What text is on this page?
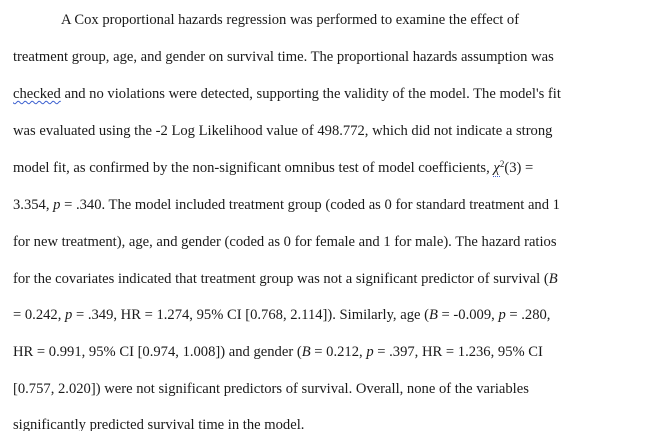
A Cox proportional hazards regression was performed to examine the effect of
treatment group, age, and gender on survival time. The proportional hazards assumption was
checked and no violations were detected, supporting the validity of the model. The model's fit
was evaluated using the -2 Log Likelihood value of 498.772, which did not indicate a strong
model fit, as confirmed by the non-significant omnibus test of model coefficients, $\chi^2(3)$ =
3.354, p = .340. The model included treatment group (coded as 0 for standard treatment and 1
for new treatment), age, and gender (coded as 0 for female and 1 for male). The hazard ratios
for the covariates indicated that treatment group was not a significant predictor of survival (B
= 0.242, p = .349, HR = 1.274, 95% CI [0.768, 2.114]). Similarly, age (B = -0.009, p = .280,
HR = 0.991, 95% CI [0.974, 1.008]) and gender (B = 0.212, p = .397, HR = 1.236, 95% CI
[0.757, 2.020]) were not significant predictors of survival. Overall, none of the variables
significantly predicted survival time in the model.
